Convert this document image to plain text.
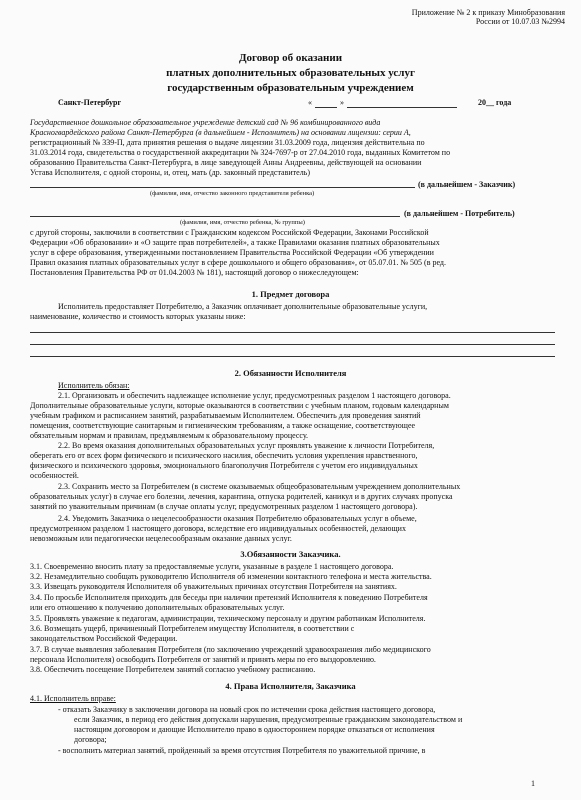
Приложение № 2 к приказу Минобразования
России от 10.07.03 №2994
Договор об оказании
платных дополнительных образовательных услуг
государственным образовательным учреждением
Санкт-Петербург	«	»	20__ года
Государственное дошкольное образовательное учреждение детский сад № 96 комбинированного вида
Красногвардейского района Санкт-Петербурга (в дальнейшем - Исполнитель) на основании лицензии: серии А,
регистрационный № 339-П, дата принятия решения о выдаче лицензии 31.03.2009 года, лицензия действительна по
31.03.2014 года, свидетельства о государственной аккредитации № 324-7697-р от 27.04.2010 года, выданных Комитетом по
образованию Правительства Санкт-Петербурга, в лице заведующей Анны Андреевны, действующей на основании
Устава Исполнителя, с одной стороны, и, отец, мать (др. законный представитель)
(в дальнейшем - Заказчик)
(фамилия, имя, отчество законного представителя ребенка)
(в дальнейшем - Потребитель)
(фамилия, имя, отчество ребенка, № группы)
с другой стороны, заключили в соответствии с Гражданским кодексом Российской Федерации, Законами Российской
Федерации «Об образовании» и «О защите прав потребителей», а также Правилами оказания платных образовательных
услуг в сфере образования, утвержденными постановлением Правительства Российской Федерации «Об утверждении
Правил оказания платных образовательных услуг в сфере дошкольного и общего образования», от 05.07.01. № 505 (в ред.
Постановления Правительства РФ от 01.04.2003 № 181), настоящий договор о нижеследующем:
1. Предмет договора
Исполнитель предоставляет Потребителю, а Заказчик оплачивает дополнительные образовательные услуги,
наименование, количество и стоимость которых указаны ниже:
2. Обязанности Исполнителя
Исполнитель обязан:
2.1. Организовать и обеспечить надлежащее исполнение услуг, предусмотренных разделом 1 настоящего договора.
Дополнительные образовательные услуги, которые оказываются в соответствии с учебным планом, годовым календарным
учебным графиком и расписанием занятий, разрабатываемым Исполнителем. Обеспечить для проведения занятий
помещения, соответствующие санитарным и гигиеническим требованиям, а также оснащение, соответствующее
обязательным нормам и правилам, предъявляемым к образовательному процессу.
2.2. Во время оказания дополнительных образовательных услуг проявлять уважение к личности Потребителя,
оберегать его от всех форм физического и психического насилия, обеспечить условия укрепления нравственного,
физического и психического здоровья, эмоционального благополучия Потребителя с учетом его индивидуальных
особенностей.
2.3. Сохранить место за Потребителем (в системе оказываемых общеобразовательным учреждением дополнительных
образовательных услуг) в случае его болезни, лечения, карантина, отпуска родителей, каникул и в других случаях пропуска
занятий по уважительным причинам (в случае оплаты услуг, предусмотренных разделом 1 настоящего договора).
2.4. Уведомить Заказчика о нецелесообразности оказания Потребителю образовательных услуг в объеме,
предусмотренном разделом 1 настоящего договора, вследствие его индивидуальных особенностей, делающих
невозможным или педагогически нецелесообразным оказание данных услуг.
3.Обязанности Заказчика.
3.1. Своевременно вносить плату за предоставляемые услуги, указанные в разделе 1 настоящего договора.
3.2. Незамедлительно сообщать руководителю Исполнителя об изменении контактного телефона и места жительства.
3.3. Извещать руководителя Исполнителя об уважительных причинах отсутствия Потребителя на занятиях.
3.4. По просьбе Исполнителя приходить для беседы при наличии претензий Исполнителя к поведению Потребителя
или его отношению к получению дополнительных образовательных услуг.
3.5. Проявлять уважение к педагогам, администрации, техническому персоналу и другим работникам Исполнителя.
3.6. Возмещать ущерб, причиненный Потребителем имуществу Исполнителя, в соответствии с
законодательством Российской Федерации.
3.7. В случае выявления заболевания Потребителя (по заключению учреждений здравоохранения либо медицинского
персонала Исполнителя) освободить Потребителя от занятий и принять меры по его выздоровлению.
3.8. Обеспечить посещение Потребителем занятий согласно учебному расписанию.
4. Права Исполнителя, Заказчика
4.1. Исполнитель вправе:
- отказать Заказчику в заключении договора на новый срок по истечении срока действия настоящего договора,
если Заказчик, в период его действия допускали нарушения, предусмотренные гражданским законодательством и
настоящим договором и дающие Исполнителю право в одностороннем порядке отказаться от исполнения
договора;
- восполнить материал занятий, пройденный за время отсутствия Потребителя по уважительной причине, в
1
